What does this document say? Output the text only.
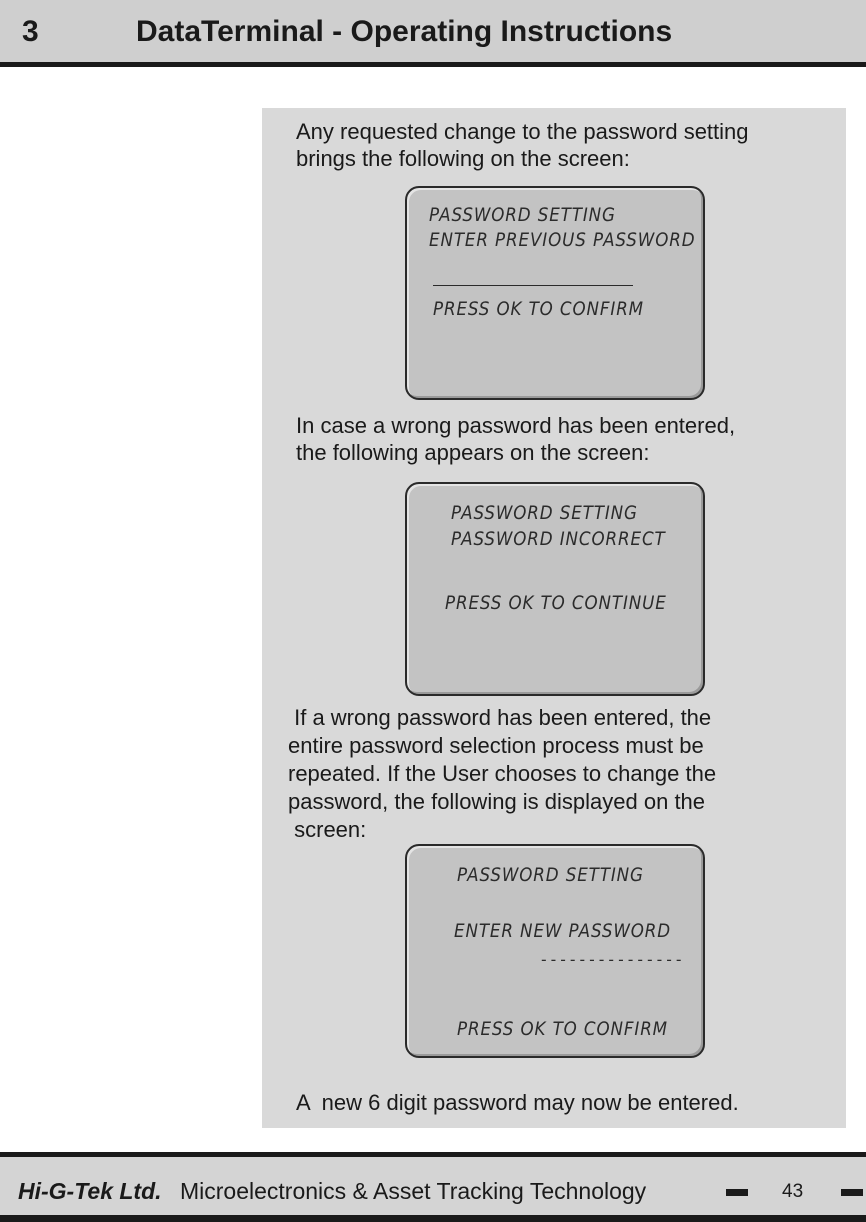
3	DataTerminal - Operating Instructions

Any requested change to the password setting
brings the following on the screen:

PASSWORD SETTING
ENTER PREVIOUS PASSWORD
PRESS OK TO CONFIRM

In case a wrong password has been entered,
the following appears on the screen:

PASSWORD SETTING
PASSWORD INCORRECT
PRESS OK TO CONTINUE

If a wrong password has been entered, the
entire password selection process must be
repeated. If the User chooses to change the
password, the following is displayed on the
screen:

PASSWORD SETTING
ENTER NEW PASSWORD
---------------
PRESS OK TO CONFIRM

A  new 6 digit password may now be entered.

Hi-G-Tek Ltd. Microelectronics & Asset Tracking Technology	43
